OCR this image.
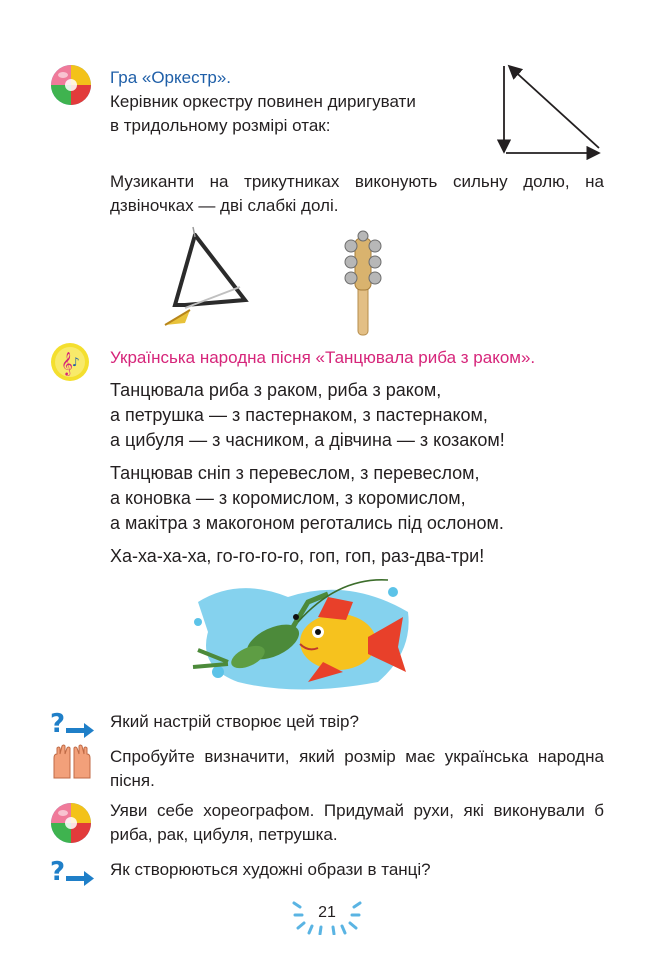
Гра «Оркестр».
Керівник оркестру повинен диригувати
в тридольному розмірі отак:
Музиканти на трикутниках виконують сильну долю, на дзвіночках — дві слабкі долі.
𝄞 ♪ Українська народна пісня «Танцювала риба з раком».

Танцювала риба з раком, риба з раком,

а петрушка — з пастернаком, з пастернаком,

а цибуля — з часником, а дівчина — з козаком!

Танцював сніп з перевеслом, з перевеслом,

а коновка — з коромислом, з коромислом,

а макітра з макогоном реготались під ослоном.

Ха-ха-ха-ха, го-го-го-го, гоп, гоп, раз-два-три!

?	Який настрій створює цей твір?
Спробуйте визначити, який розмір має українська народна пісня.
Уяви себе хореографом. Придумай рухи, які виконували б риба, рак, цибуля, петрушка.
?	Як створюються художні образи в танці?
21
